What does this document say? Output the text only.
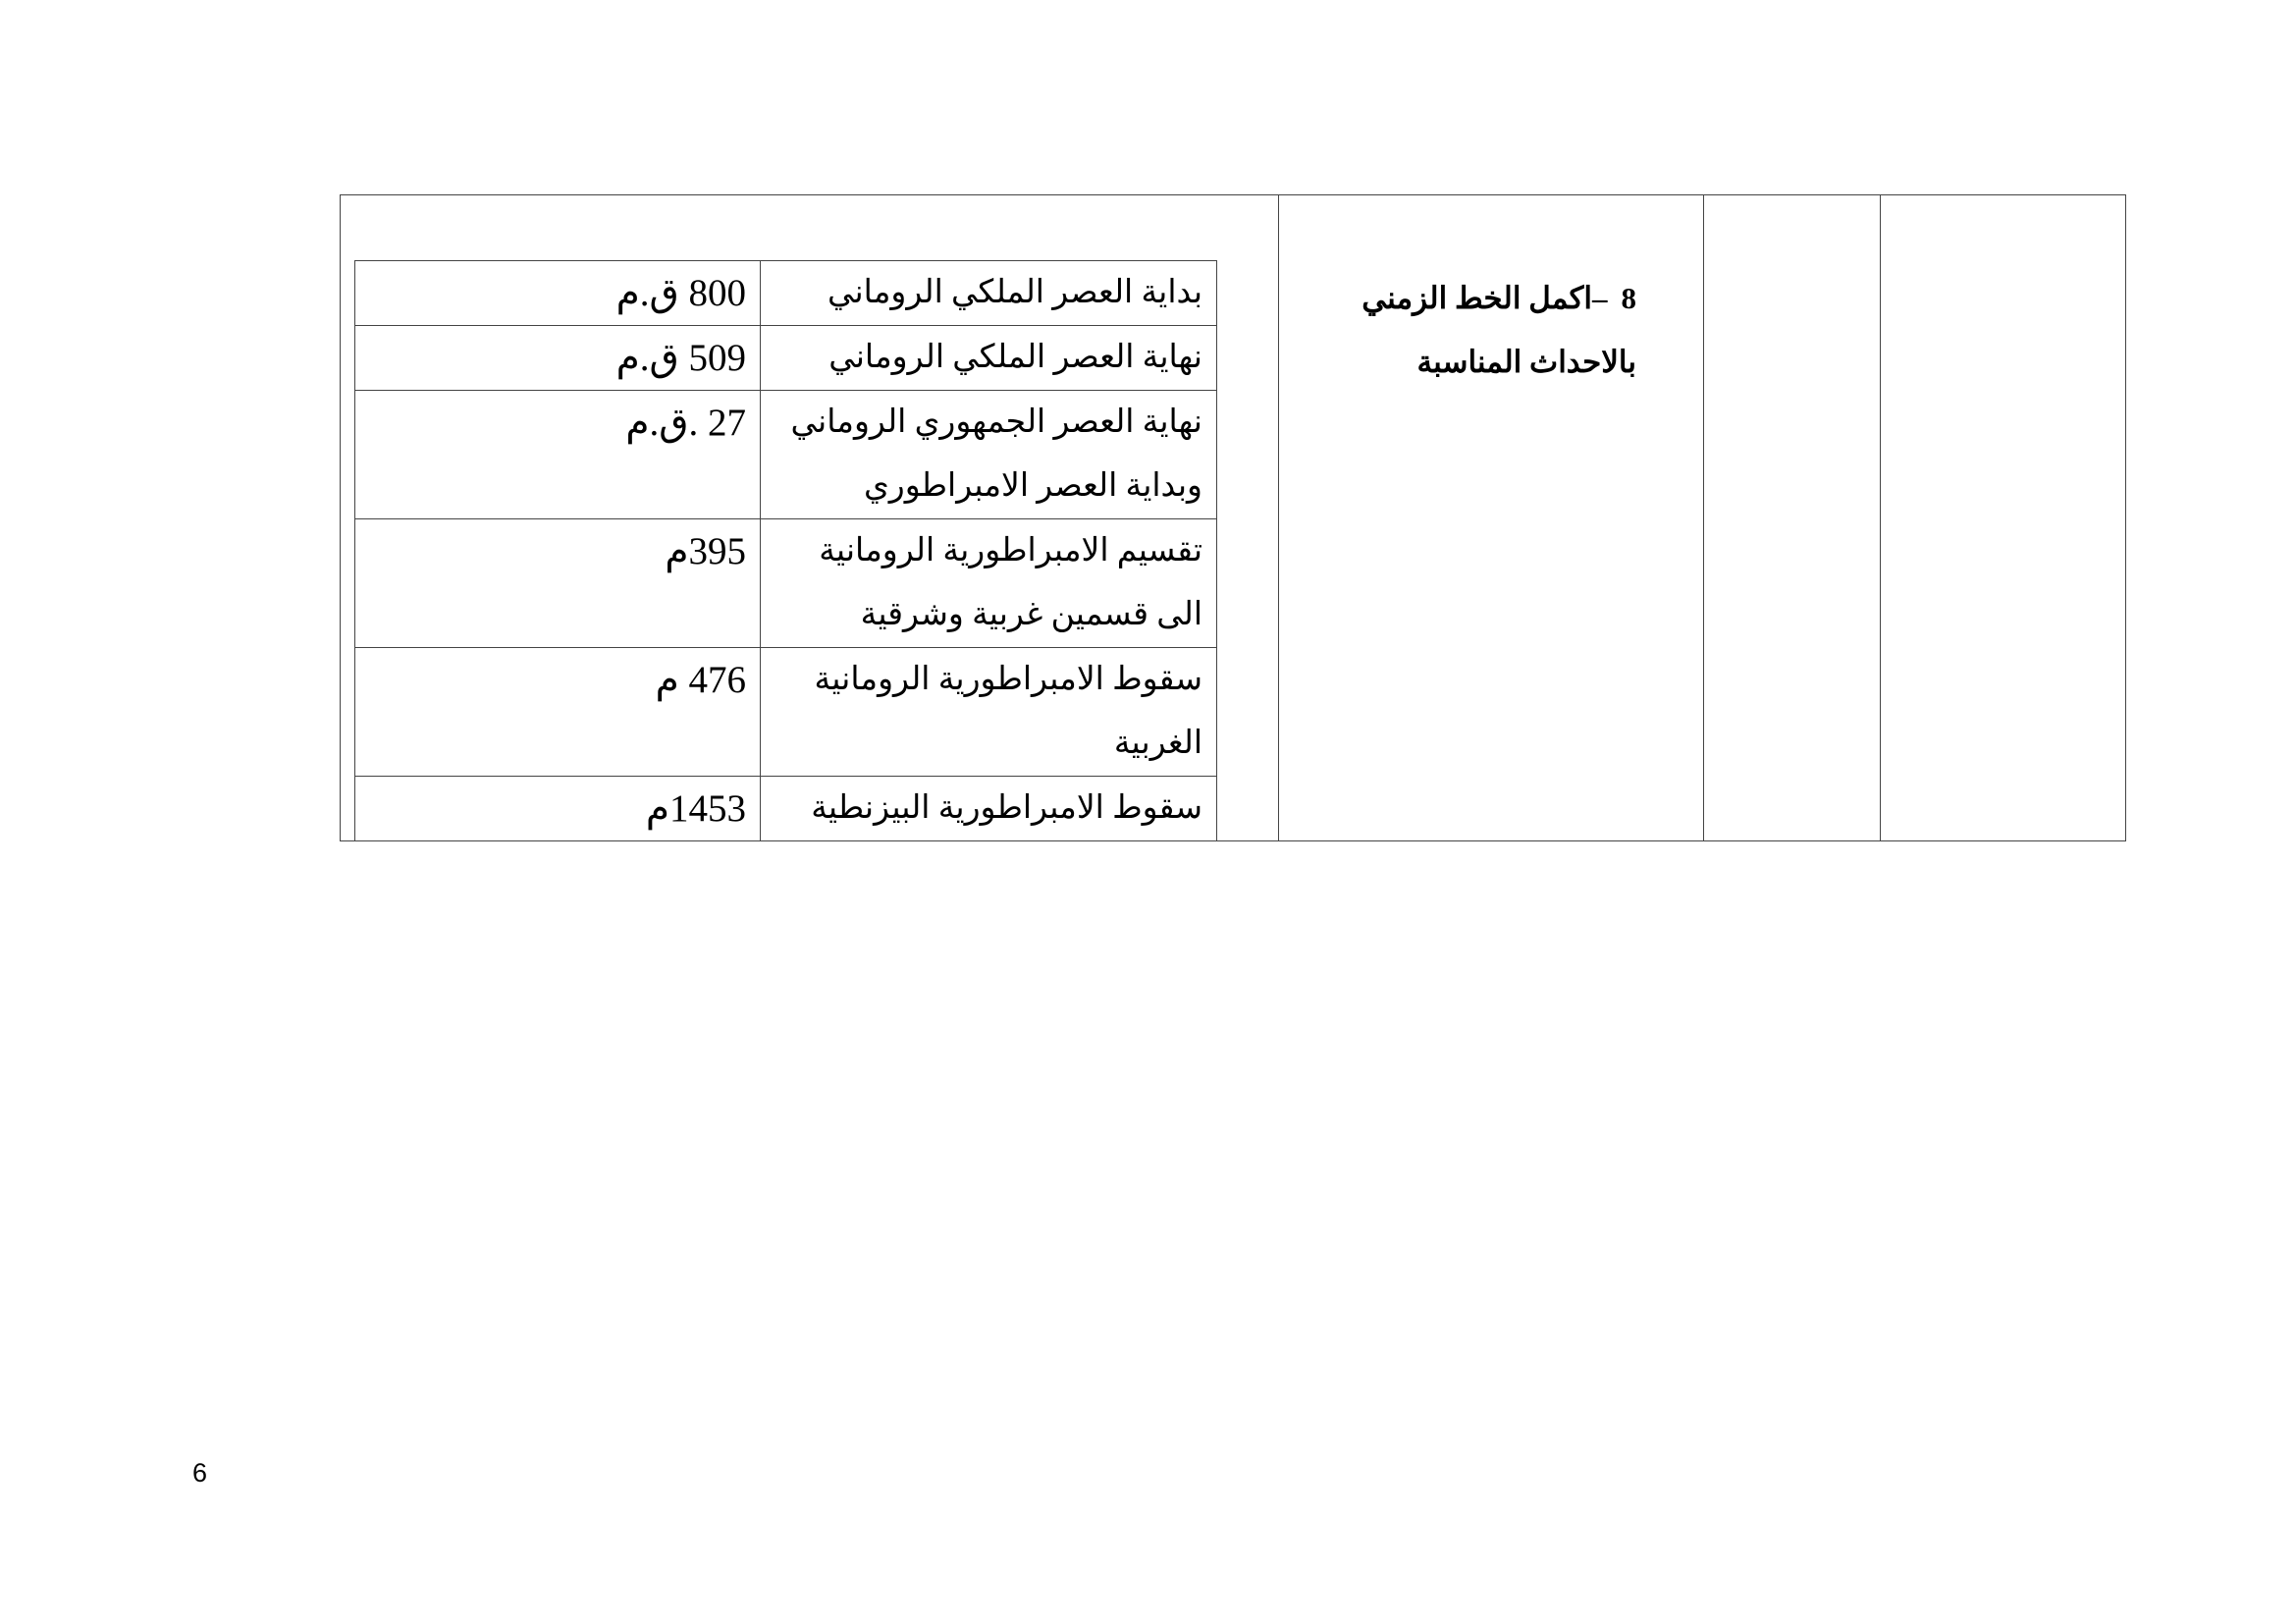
بداية العصر الملكي الروماني	800 ق.م
نهاية العصر الملكي الروماني	509 ق.م
نهاية العصر الجمهوري الروماني وبداية العصر الامبراطوري	27 .ق.م
تقسيم الامبراطورية الرومانية الى قسمين غربية وشرقية	395م
سقوط الامبراطورية الرومانية الغربية	476 م
سقوط الامبراطورية البيزنطية	1453م
8–اكمل الخط الزمني بالاحداث المناسبة
6
